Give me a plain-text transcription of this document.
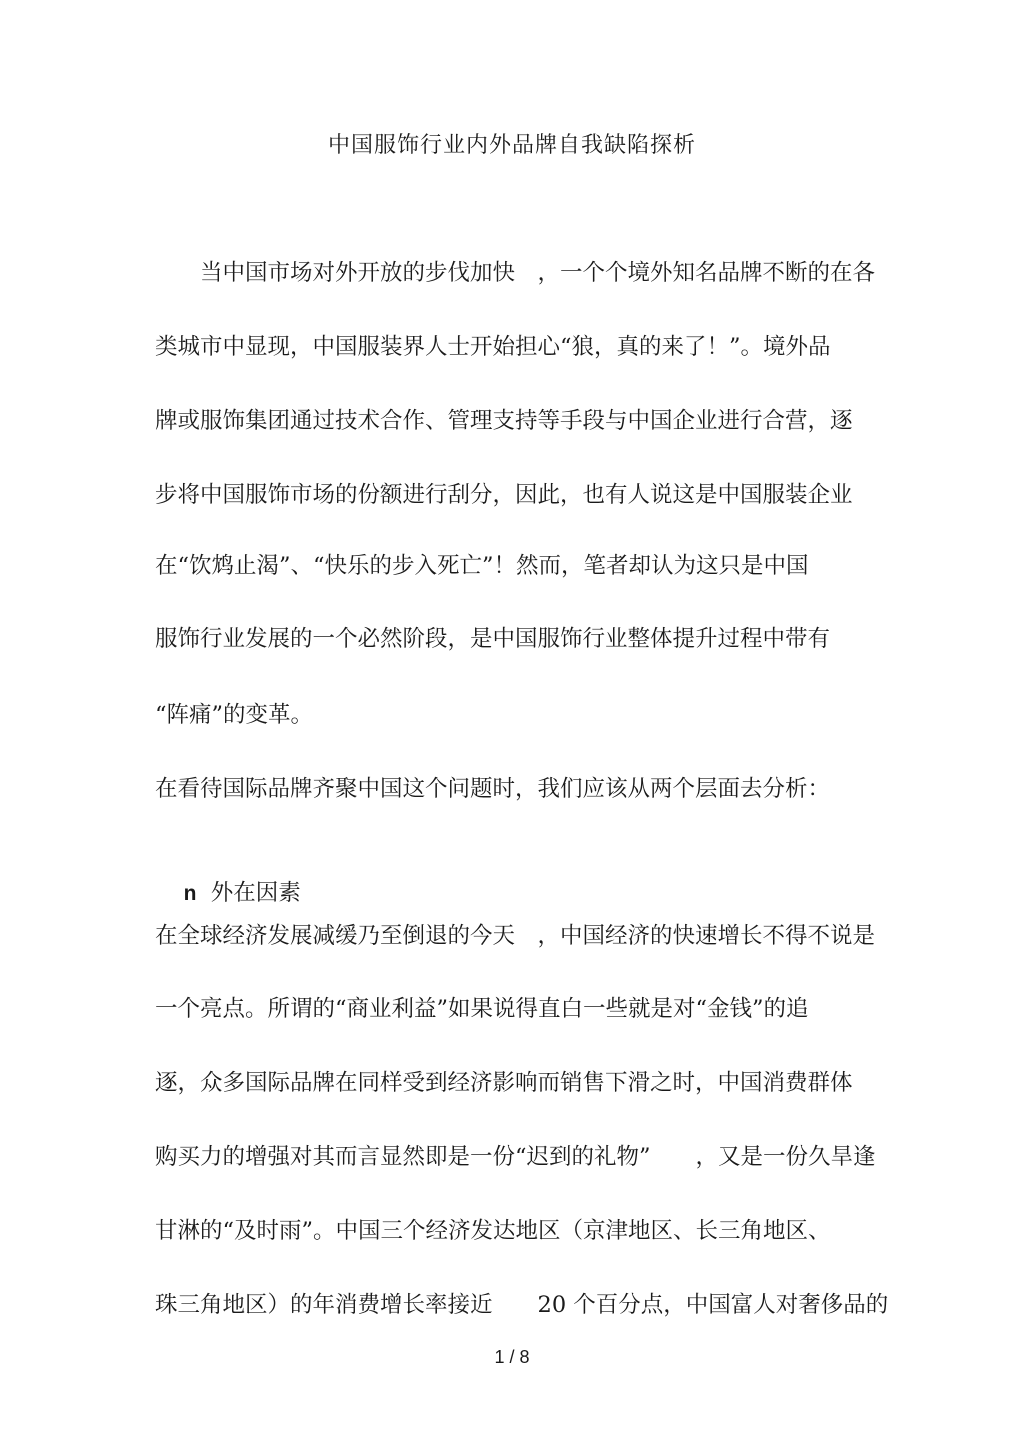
中国服饰行业内外品牌自我缺陷探析
　　当中国市场对外开放的步伐加快　，一个个境外知名品牌不断的在各
类城市中显现，中国服装界人士开始担心“狼，真的来了！”。境外品
牌或服饰集团通过技术合作、管理支持等手段与中国企业进行合营，逐
步将中国服饰市场的份额进行刮分，因此，也有人说这是中国服装企业
在“饮鸩止渴”、“快乐的步入死亡”！然而，笔者却认为这只是中国
服饰行业发展的一个必然阶段，是中国服饰行业整体提升过程中带有
“阵痛”的变革。
在看待国际品牌齐聚中国这个问题时，我们应该从两个层面去分析：

n 外在因素

在全球经济发展减缓乃至倒退的今天　，中国经济的快速增长不得不说是
一个亮点。所谓的“商业利益”如果说得直白一些就是对“金钱”的追
逐，众多国际品牌在同样受到经济影响而销售下滑之时，中国消费群体
购买力的增强对其而言显然即是一份“迟到的礼物”　　，又是一份久旱逢
甘淋的“及时雨”。中国三个经济发达地区（京津地区、长三角地区、
珠三角地区）的年消费增长率接近　　20 个百分点，中国富人对奢侈品的
1 / 8
